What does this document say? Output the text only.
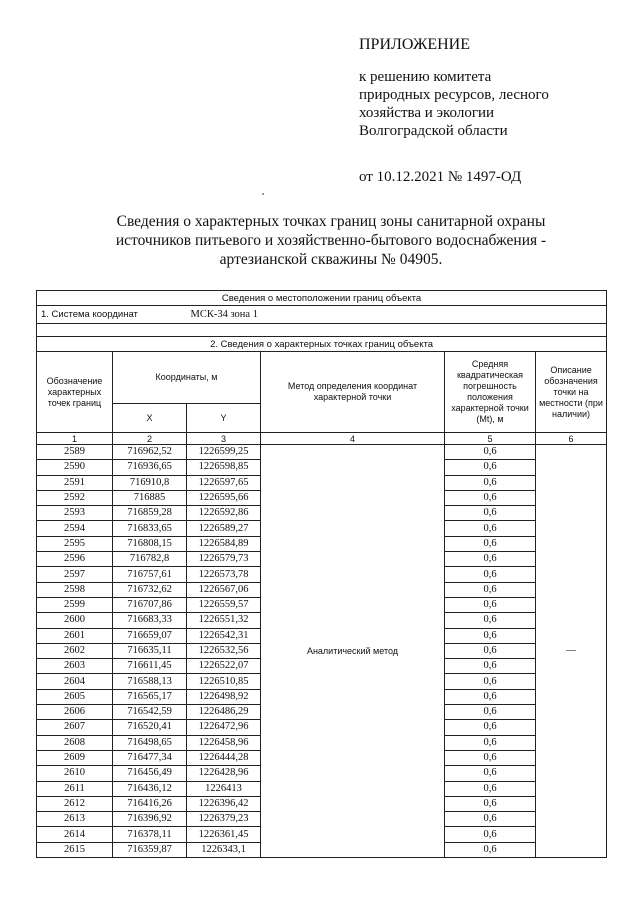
ПРИЛОЖЕНИЕ
к решению комитета
природных ресурсов, лесного
хозяйства и экологии
Волгоградской области
от 10.12.2021 № 1497-ОД
Сведения о характерных точках границ зоны санитарной охраны
источников питьевого и хозяйственно-бытового водоснабжения -
артезианской скважины № 04905.
Сведения о местоположении границ объекта					
1. Система координат		МСК-34 зона 1			

2. Сведения о характерных точках границ объекта					
Обозначение характерных точек границ	Координаты, м		Метод определения координат характерной точки	Средняя квадратическая погрешность положения характерной точки (Mt), м	Описание обозначения точки на местности (при наличии)
	X	Y			
1	2	3	4	5	6
2589	716962,52	1226599,25	Аналитический метод	0,6	—
2590	716936,65	1226598,85		0,6	
2591	716910,8	1226597,65		0,6	
2592	716885	1226595,66		0,6	
2593	716859,28	1226592,86		0,6	
2594	716833,65	1226589,27		0,6	
2595	716808,15	1226584,89		0,6	
2596	716782,8	1226579,73		0,6	
2597	716757,61	1226573,78		0,6	
2598	716732,62	1226567,06		0,6	
2599	716707,86	1226559,57		0,6	
2600	716683,33	1226551,32		0,6	
2601	716659,07	1226542,31		0,6	
2602	716635,11	1226532,56		0,6	
2603	716611,45	1226522,07		0,6	
2604	716588,13	1226510,85		0,6	
2605	716565,17	1226498,92		0,6	
2606	716542,59	1226486,29		0,6	
2607	716520,41	1226472,96		0,6	
2608	716498,65	1226458,96		0,6	
2609	716477,34	1226444,28		0,6	
2610	716456,49	1226428,96		0,6	
2611	716436,12	1226413		0,6	
2612	716416,26	1226396,42		0,6	
2613	716396,92	1226379,23		0,6	
2614	716378,11	1226361,45		0,6	
2615	716359,87	1226343,1		0,6	
